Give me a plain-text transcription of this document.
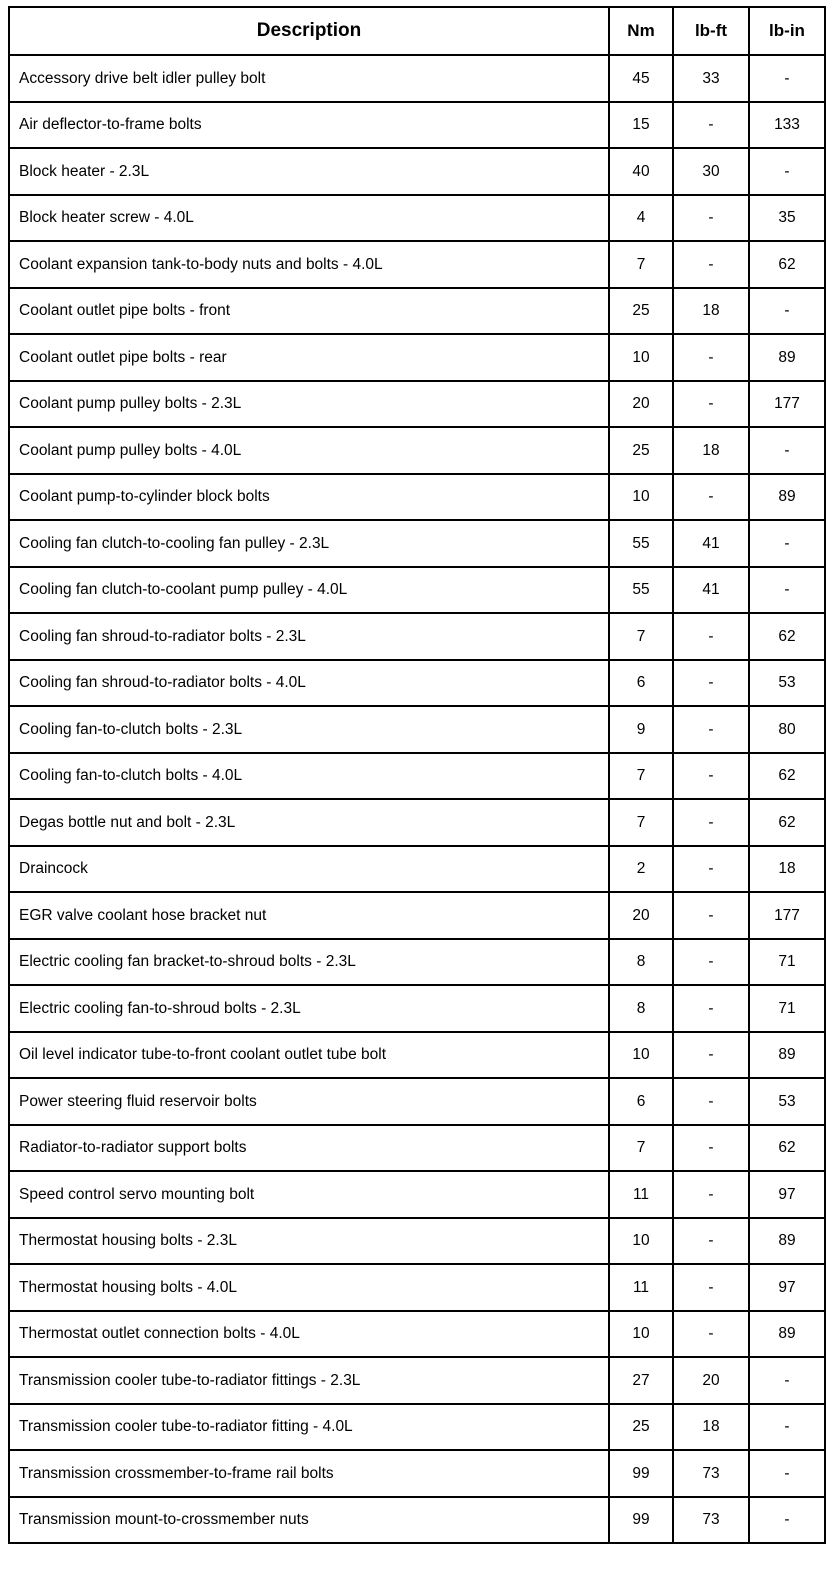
Description	Nm	lb-ft	lb-in
Accessory drive belt idler pulley bolt	45	33	-
Air deflector-to-frame bolts	15	-	133
Block heater - 2.3L	40	30	-
Block heater screw - 4.0L	4	-	35
Coolant expansion tank-to-body nuts and bolts - 4.0L	7	-	62
Coolant outlet pipe bolts - front	25	18	-
Coolant outlet pipe bolts - rear	10	-	89
Coolant pump pulley bolts - 2.3L	20	-	177
Coolant pump pulley bolts - 4.0L	25	18	-
Coolant pump-to-cylinder block bolts	10	-	89
Cooling fan clutch-to-cooling fan pulley - 2.3L	55	41	-
Cooling fan clutch-to-coolant pump pulley - 4.0L	55	41	-
Cooling fan shroud-to-radiator bolts - 2.3L	7	-	62
Cooling fan shroud-to-radiator bolts - 4.0L	6	-	53
Cooling fan-to-clutch bolts - 2.3L	9	-	80
Cooling fan-to-clutch bolts - 4.0L	7	-	62
Degas bottle nut and bolt - 2.3L	7	-	62
Draincock	2	-	18
EGR valve coolant hose bracket nut	20	-	177
Electric cooling fan bracket-to-shroud bolts - 2.3L	8	-	71
Electric cooling fan-to-shroud bolts - 2.3L	8	-	71
Oil level indicator tube-to-front coolant outlet tube bolt	10	-	89
Power steering fluid reservoir bolts	6	-	53
Radiator-to-radiator support bolts	7	-	62
Speed control servo mounting bolt	11	-	97
Thermostat housing bolts - 2.3L	10	-	89
Thermostat housing bolts - 4.0L	11	-	97
Thermostat outlet connection bolts - 4.0L	10	-	89
Transmission cooler tube-to-radiator fittings - 2.3L	27	20	-
Transmission cooler tube-to-radiator fitting - 4.0L	25	18	-
Transmission crossmember-to-frame rail bolts	99	73	-
Transmission mount-to-crossmember nuts	99	73	-
